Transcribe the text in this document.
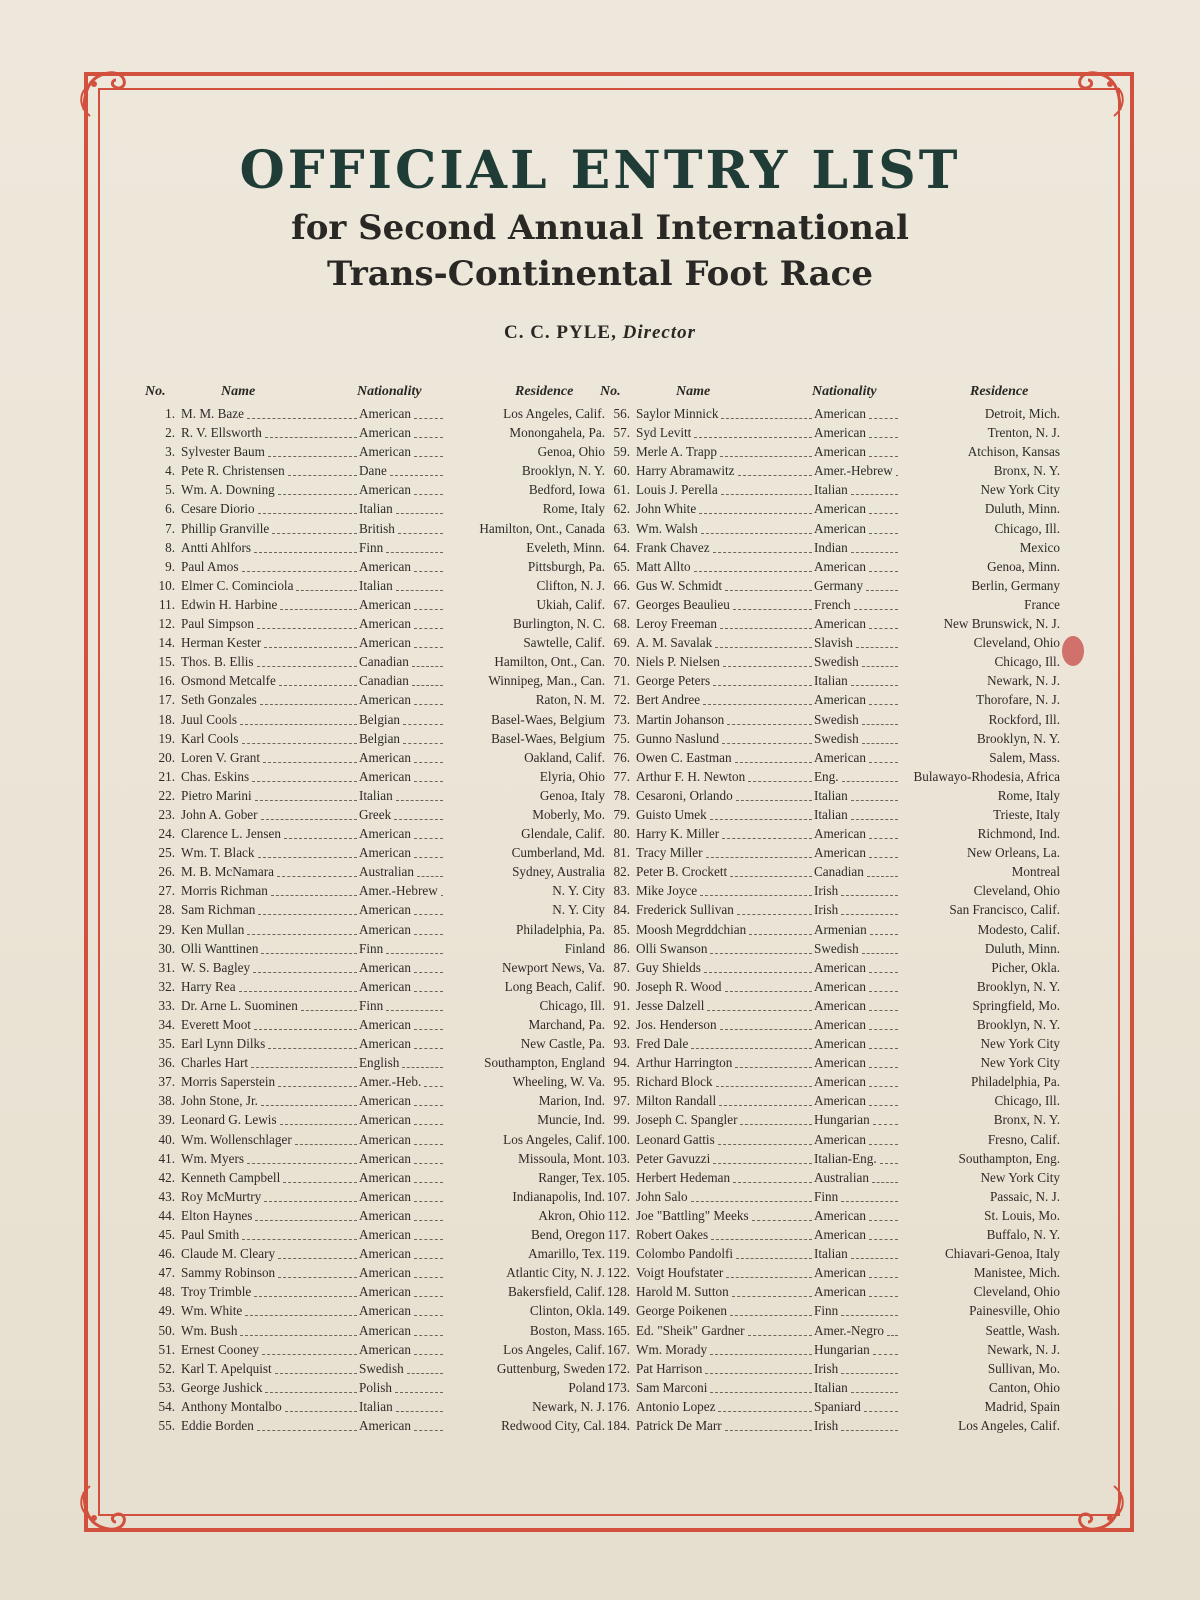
OFFICIAL ENTRY LIST
for Second Annual International
Trans-Continental Foot Race
C. C. PYLE, Director
No.	Name	Nationality	Residence
1. M. M. Baze	American	Los Angeles, Calif.
2. R. V. Ellsworth	American	Monongahela, Pa.
3. Sylvester Baum	American	Genoa, Ohio
4. Pete R. Christensen	Dane	Brooklyn, N. Y.
5. Wm. A. Downing	American	Bedford, Iowa
6. Cesare Diorio	Italian	Rome, Italy
7. Phillip Granville	British	Hamilton, Ont., Canada
8. Antti Ahlfors	Finn	Eveleth, Minn.
9. Paul Amos	American	Pittsburgh, Pa.
10. Elmer C. Cominciola	Italian	Clifton, N. J.
11. Edwin H. Harbine	American	Ukiah, Calif.
12. Paul Simpson	American	Burlington, N. C.
14. Herman Kester	American	Sawtelle, Calif.
15. Thos. B. Ellis	Canadian	Hamilton, Ont., Can.
16. Osmond Metcalfe	Canadian	Winnipeg, Man., Can.
17. Seth Gonzales	American	Raton, N. M.
18. Juul Cools	Belgian	Basel-Waes, Belgium
19. Karl Cools	Belgian	Basel-Waes, Belgium
20. Loren V. Grant	American	Oakland, Calif.
21. Chas. Eskins	American	Elyria, Ohio
22. Pietro Marini	Italian	Genoa, Italy
23. John A. Gober	Greek	Moberly, Mo.
24. Clarence L. Jensen	American	Glendale, Calif.
25. Wm. T. Black	American	Cumberland, Md.
26. M. B. McNamara	Australian	Sydney, Australia
27. Morris Richman	Amer.-Hebrew	N. Y. City
28. Sam Richman	American	N. Y. City
29. Ken Mullan	American	Philadelphia, Pa.
30. Olli Wanttinen	Finn	Finland
31. W. S. Bagley	American	Newport News, Va.
32. Harry Rea	American	Long Beach, Calif.
33. Dr. Arne L. Suominen	Finn	Chicago, Ill.
34. Everett Moot	American	Marchand, Pa.
35. Earl Lynn Dilks	American	New Castle, Pa.
36. Charles Hart	English	Southampton, England
37. Morris Saperstein	Amer.-Heb.	Wheeling, W. Va.
38. John Stone, Jr.	American	Marion, Ind.
39. Leonard G. Lewis	American	Muncie, Ind.
40. Wm. Wollenschlager	American	Los Angeles, Calif.
41. Wm. Myers	American	Missoula, Mont.
42. Kenneth Campbell	American	Ranger, Tex.
43. Roy McMurtry	American	Indianapolis, Ind.
44. Elton Haynes	American	Akron, Ohio
45. Paul Smith	American	Bend, Oregon
46. Claude M. Cleary	American	Amarillo, Tex.
47. Sammy Robinson	American	Atlantic City, N. J.
48. Troy Trimble	American	Bakersfield, Calif.
49. Wm. White	American	Clinton, Okla.
50. Wm. Bush	American	Boston, Mass.
51. Ernest Cooney	American	Los Angeles, Calif.
52. Karl T. Apelquist	Swedish	Guttenburg, Sweden
53. George Jushick	Polish	Poland
54. Anthony Montalbo	Italian	Newark, N. J.
55. Eddie Borden	American	Redwood City, Cal.
No.	Name	Nationality	Residence
56. Saylor Minnick	American	Detroit, Mich.
57. Syd Levitt	American	Trenton, N. J.
59. Merle A. Trapp	American	Atchison, Kansas
60. Harry Abramawitz	Amer.-Hebrew	Bronx, N. Y.
61. Louis J. Perella	Italian	New York City
62. John White	American	Duluth, Minn.
63. Wm. Walsh	American	Chicago, Ill.
64. Frank Chavez	Indian	Mexico
65. Matt Allto	American	Genoa, Minn.
66. Gus W. Schmidt	Germany	Berlin, Germany
67. Georges Beaulieu	French	France
68. Leroy Freeman	American	New Brunswick, N. J.
69. A. M. Savalak	Slavish	Cleveland, Ohio
70. Niels P. Nielsen	Swedish	Chicago, Ill.
71. George Peters	Italian	Newark, N. J.
72. Bert Andree	American	Thorofare, N. J.
73. Martin Johanson	Swedish	Rockford, Ill.
75. Gunno Naslund	Swedish	Brooklyn, N. Y.
76. Owen C. Eastman	American	Salem, Mass.
77. Arthur F. H. Newton	Eng.	Bulawayo-Rhodesia, Africa
78. Cesaroni, Orlando	Italian	Rome, Italy
79. Guisto Umek	Italian	Trieste, Italy
80. Harry K. Miller	American	Richmond, Ind.
81. Tracy Miller	American	New Orleans, La.
82. Peter B. Crockett	Canadian	Montreal
83. Mike Joyce	Irish	Cleveland, Ohio
84. Frederick Sullivan	Irish	San Francisco, Calif.
85. Moosh Megrddchian	Armenian	Modesto, Calif.
86. Olli Swanson	Swedish	Duluth, Minn.
87. Guy Shields	American	Picher, Okla.
90. Joseph R. Wood	American	Brooklyn, N. Y.
91. Jesse Dalzell	American	Springfield, Mo.
92. Jos. Henderson	American	Brooklyn, N. Y.
93. Fred Dale	American	New York City
94. Arthur Harrington	American	New York City
95. Richard Block	American	Philadelphia, Pa.
97. Milton Randall	American	Chicago, Ill.
99. Joseph C. Spangler	Hungarian	Bronx, N. Y.
100. Leonard Gattis	American	Fresno, Calif.
103. Peter Gavuzzi	Italian-Eng.	Southampton, Eng.
105. Herbert Hedeman	Australian	New York City
107. John Salo	Finn	Passaic, N. J.
112. Joe "Battling" Meeks	American	St. Louis, Mo.
117. Robert Oakes	American	Buffalo, N. Y.
119. Colombo Pandolfi	Italian	Chiavari-Genoa, Italy
122. Voigt Houfstater	American	Manistee, Mich.
128. Harold M. Sutton	American	Cleveland, Ohio
149. George Poikenen	Finn	Painesville, Ohio
165. Ed. "Sheik" Gardner	Amer.-Negro	Seattle, Wash.
167. Wm. Morady	Hungarian	Newark, N. J.
172. Pat Harrison	Irish	Sullivan, Mo.
173. Sam Marconi	Italian	Canton, Ohio
176. Antonio Lopez	Spaniard	Madrid, Spain
184. Patrick De Marr	Irish	Los Angeles, Calif.
